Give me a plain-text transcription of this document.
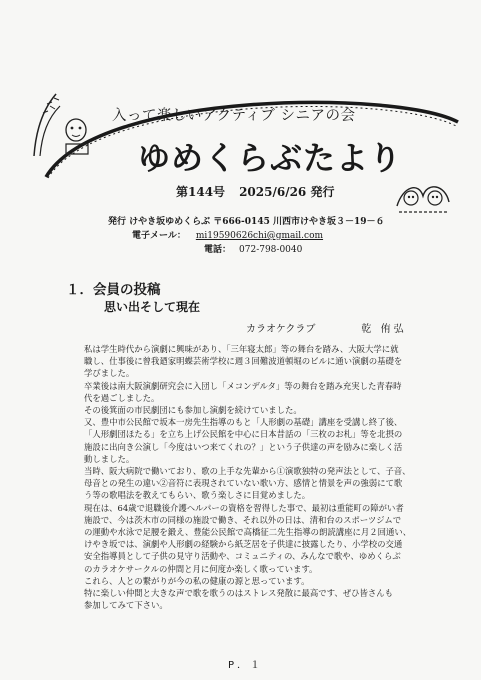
入って楽しいアクティブ シニアの会
ゆめくらぶたより
第144号 2025/6/26 発行
発行 けやき坂ゆめくらぶ 〒666-0145 川西市けやき坂３－19－６
電子メール： mi19590626chi@gmail.com
電話： 072-798-0040
１．会員の投稿
思い出そして現在
カラオケクラブ	乾 侑弘

私は学生時代から演劇に興味があり、「三年寝太郎」等の舞台を踏み、大阪大学に就

職し、仕事後に曾我廼家明蝶芸術学校に週３回難波道頓堀のビルに通い演劇の基礎を

学びました。

卒業後は南大阪演劇研究会に入団し「メコンデルタ」等の舞台を踏み充実した青春時

代を過ごしました。

その後箕面の市民劇団にも参加し演劇を続けていました。

又、豊中市公民館で坂本一房先生指導のもと「人形劇の基礎」講座を受講し終了後、

「人形劇団ほたる」を立ち上げ公民館を中心に日本昔話の「三枚のお札」等を北摂の

施設に出向き公演し「今度はいつ来てくれの？」という子供達の声を励みに楽しく活

動しました。

当時、阪大病院で働いており、歌の上手な先輩から①演歌独特の発声法として、子音、

母音との発生の違い②音符に表現されていない歌い方、感情と情景を声の強弱にて歌

う等の歌唱法を教えてもらい、歌う楽しさに目覚めました。

現在は、64歳で退職後介護ヘルパーの資格を習得した事で、最初は重能町の障がい者

施設で、今は茨木市の同様の施設で働き、それ以外の日は、清和台のスポーツジムで

の運動や水泳で足腰を鍛え、豊能公民館で高橋征二先生指導の朗読講座に月２回通い、

けやき坂では、演劇や人形劇の経験から紙芝居を子供達に披露したり、小学校の交通

安全指導員として子供の見守り活動や、コミュニティの、みんなで歌や、ゆめくらぶ

のカラオケサークルの仲間と月に何度か楽しく歌っています。

これら、人との繋がりが今の私の健康の源と思っています。

特に楽しい仲間と大きな声で歌を歌うのはストレス発散に最高です、ぜひ皆さんも

参加してみて下さい。

P．１
